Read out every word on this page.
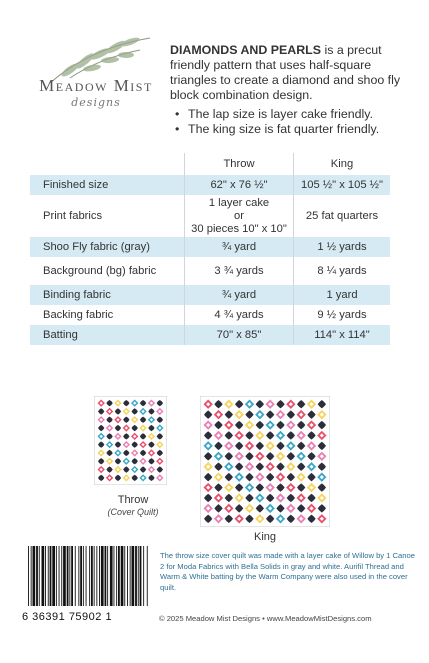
Meadow Mist
designs
DIAMONDS AND PEARLS is a precut friendly pattern that uses half-square triangles to create a diamond and shoo fly block combination design.
• The lap size is layer cake friendly.
• The king size is fat quarter friendly.
	Throw	King
Finished size	62" x 76 ½"	105 ½" x 105 ½"
Print fabrics	1 layer cake
or
30 pieces 10" x 10"	25 fat quarters
Shoo Fly fabric (gray)	¾ yard	1 ½ yards
Background (bg) fabric	3 ¾ yards	8 ¼ yards
Binding fabric	¾ yard	1 yard
Backing fabric	4 ¾ yards	9 ½ yards
Batting	70" x 85"	114" x 114"
Throw
(Cover Quilt)
King
6 36391 75902 1
The throw size cover quilt was made with a layer cake of Willow by 1 Canoe 2 for Moda Fabrics with Bella Solids in gray and white. Aurifil Thread and Warm & White batting by the Warm Company were also used in the cover quilt.
© 2025 Meadow Mist Designs • www.MeadowMistDesigns.com
